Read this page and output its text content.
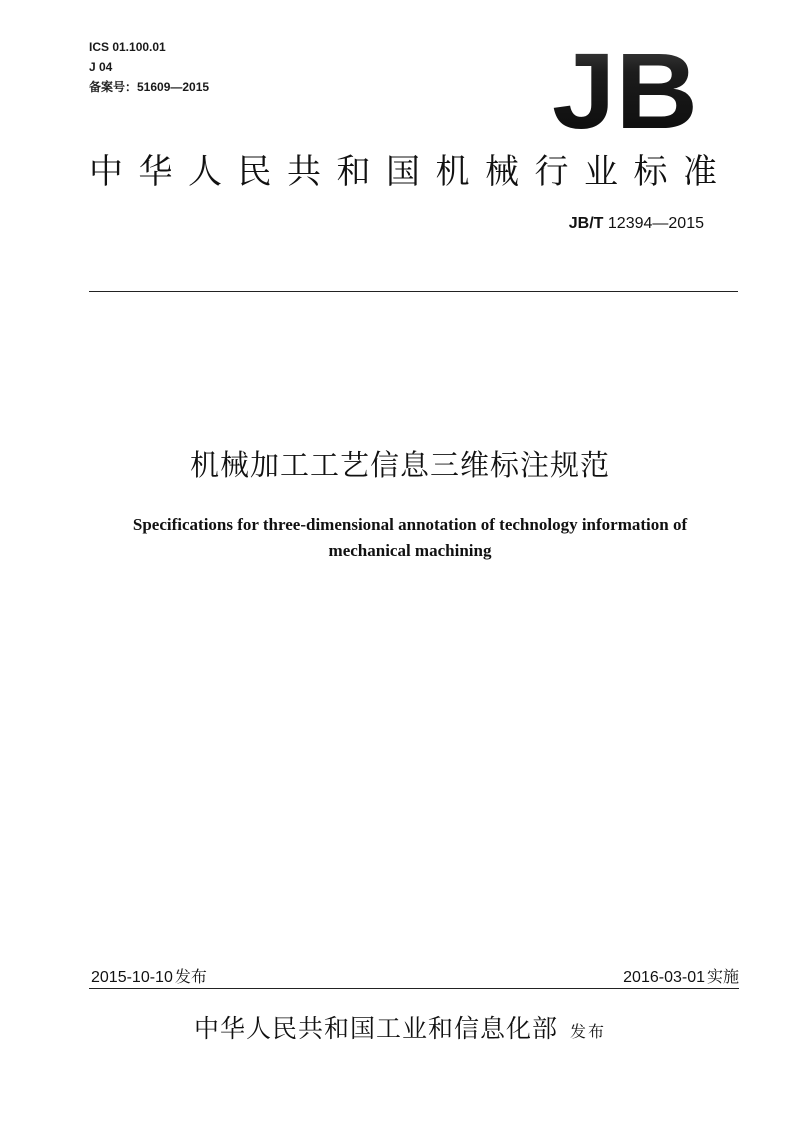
ICS 01.100.01
J 04
备案号：51609—2015	JB
中华人民共和国机械行业标准
JB/T 12394—2015
机械加工工艺信息三维标注规范
Specifications for three-dimensional annotation of technology information of
mechanical machining
2015-10-10 发布	2016-03-01 实施
中华人民共和国工业和信息化部 发布
